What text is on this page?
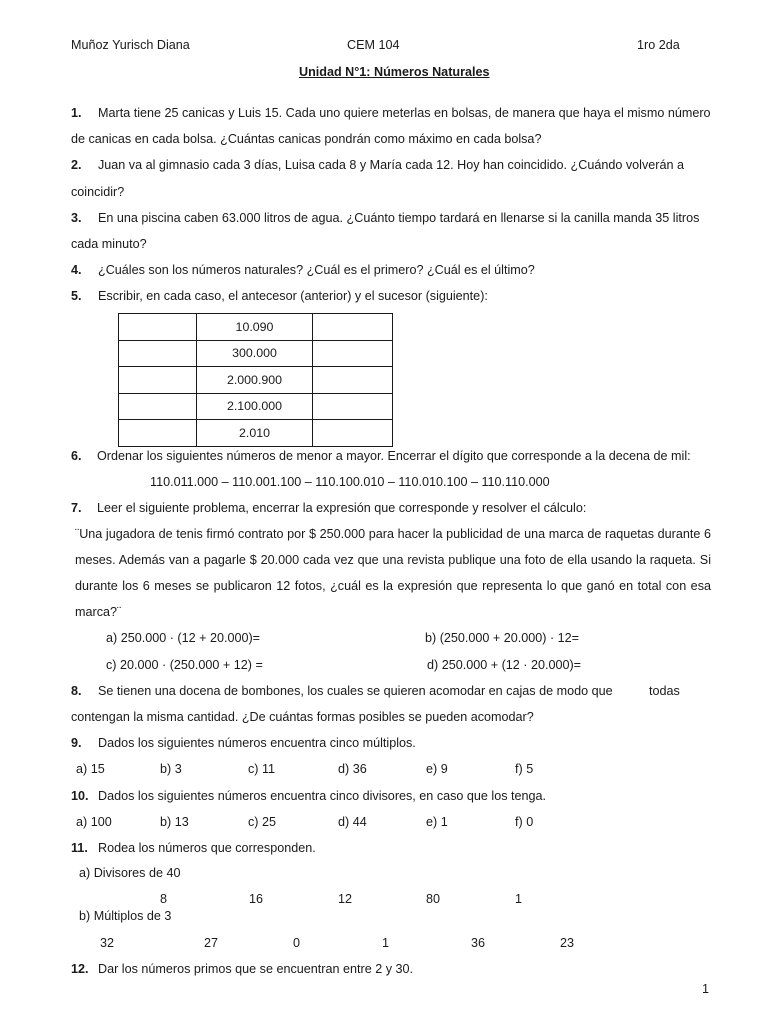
Muñoz Yurisch Diana	CEM 104	1ro 2da
Unidad N°1: Números Naturales
1. Marta tiene 25 canicas y Luis 15. Cada uno quiere meterlas en bolsas, de manera que haya el mismo número
de canicas en cada bolsa. ¿Cuántas canicas pondrán como máximo en cada bolsa?
2. Juan va al gimnasio cada 3 días, Luisa cada 8 y María cada 12. Hoy han coincidido. ¿Cuándo volverán a
coincidir?
3. En una piscina caben 63.000 litros de agua. ¿Cuánto tiempo tardará en llenarse si la canilla manda 35 litros
cada minuto?
4. ¿Cuáles son los números naturales? ¿Cuál es el primero? ¿Cuál es el último?
5. Escribir, en cada caso, el antecesor (anterior) y el sucesor (siguiente):
	10.090	
	300.000	
	2.000.900	
	2.100.000	
	2.010	
6. Ordenar los siguientes números de menor a mayor. Encerrar el dígito que corresponde a la decena de mil:
110.011.000 – 110.001.100 – 110.100.010 – 110.010.100 – 110.110.000
7. Leer el siguiente problema, encerrar la expresión que corresponde y resolver el cálculo:
¨Una jugadora de tenis firmó contrato por $ 250.000 para hacer la publicidad de una marca de raquetas durante 6 meses. Además van a pagarle $ 20.000 cada vez que una revista publique una foto de ella usando la raqueta. Si durante los 6 meses se publicaron 12 fotos, ¿cuál es la expresión que representa lo que ganó en total con esa marca?¨
a) 250.000 · (12 + 20.000)=	b) (250.000 + 20.000) · 12=
c) 20.000 · (250.000 + 12) =	d) 250.000 + (12 · 20.000)=
8. Se tienen una docena de bombones, los cuales se quieren acomodar en cajas de modo que	todas
contengan la misma cantidad. ¿De cuántas formas posibles se pueden acomodar?
9. Dados los siguientes números encuentra cinco múltiplos.
a) 15	b) 3	c) 11	d) 36	e) 9	f) 5
10. Dados los siguientes números encuentra cinco divisores, en caso que los tenga.
a) 100	b) 13	c) 25	d) 44	e) 1	f) 0
11. Rodea los números que corresponden.
a) Divisores de 40
8	16	12	80	1
b) Múltiplos de 3
32	27	0	1	36	23
12. Dar los números primos que se encuentran entre 2 y 30.
1
